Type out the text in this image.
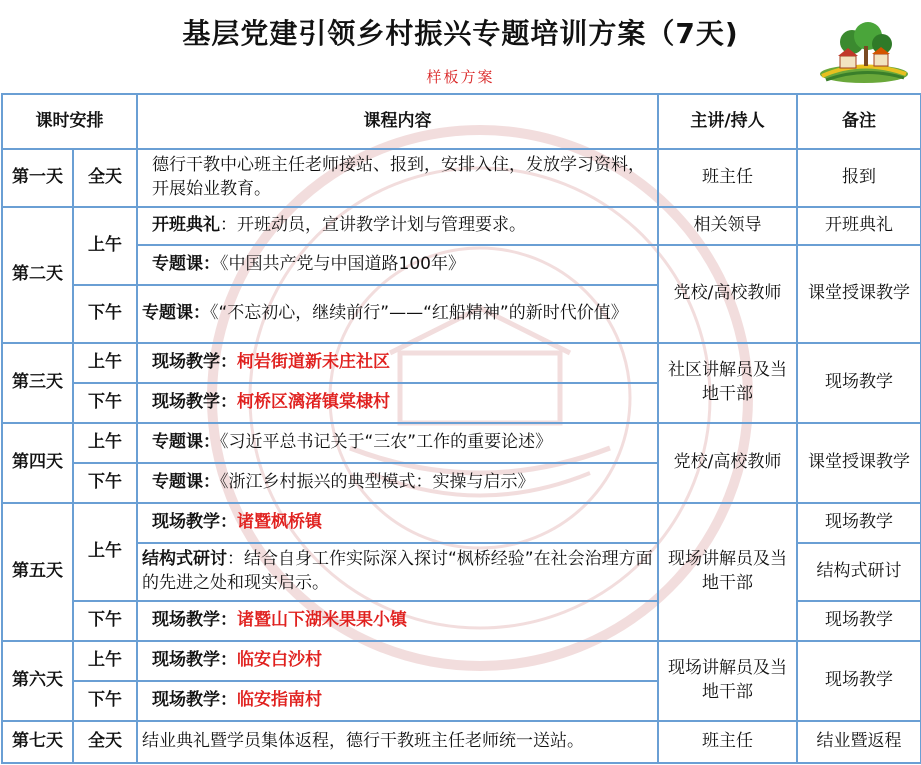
基层党建引领乡村振兴专题培训方案（7天)
样板方案
课时安排		课程内容	主讲/持人	备注
第一天	全天	德行干教中心班主任老师接站、报到，安排入住，发放学习资料，开展始业教育。	班主任	报到
第二天	上午	开班典礼：开班动员，宣讲教学计划与管理要求。	相关领导	开班典礼
		专题课：《中国共产党与中国道路100年》	党校/高校教师	课堂授课教学
	下午	专题课：《“不忘初心，继续前行”——“红船精神”的新时代价值》		
第三天	上午	现场教学：柯岩街道新未庄社区	社区讲解员及当地干部	现场教学
	下午	现场教学：柯桥区漓渚镇棠棣村		
第四天	上午	专题课：《习近平总书记关于“三农”工作的重要论述》	党校/高校教师	课堂授课教学
	下午	专题课：《浙江乡村振兴的典型模式：实操与启示》		
第五天	上午	现场教学：诸暨枫桥镇	现场讲解员及当地干部	现场教学
		结构式研讨：结合自身工作实际深入探讨“枫桥经验”在社会治理方面的先进之处和现实启示。		结构式研讨
	下午	现场教学：诸暨山下湖米果果小镇		现场教学
第六天	上午	现场教学：临安白沙村	现场讲解员及当地干部	现场教学
	下午	现场教学：临安指南村		
第七天	全天	结业典礼暨学员集体返程，德行干教班主任老师统一送站。	班主任	结业暨返程
